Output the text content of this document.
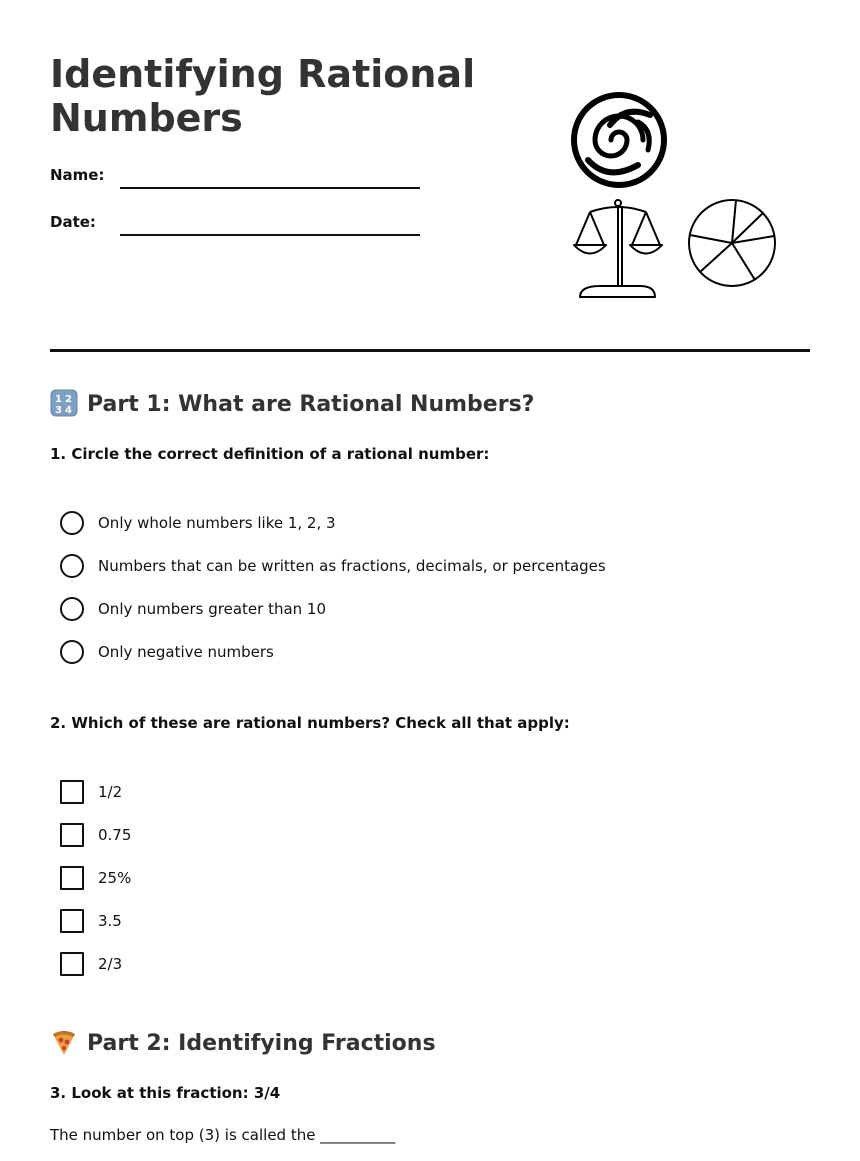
Identifying Rational Numbers
Name:
Date:
1 2
3 4 Part 1: What are Rational Numbers?
1. Circle the correct definition of a rational number:
Only whole numbers like 1, 2, 3
Numbers that can be written as fractions, decimals, or percentages
Only numbers greater than 10
Only negative numbers
2. Which of these are rational numbers? Check all that apply:
1/2
0.75
25%
3.5
2/3
Part 2: Identifying Fractions
3. Look at this fraction: 3/4
The number on top (3) is called the __________
